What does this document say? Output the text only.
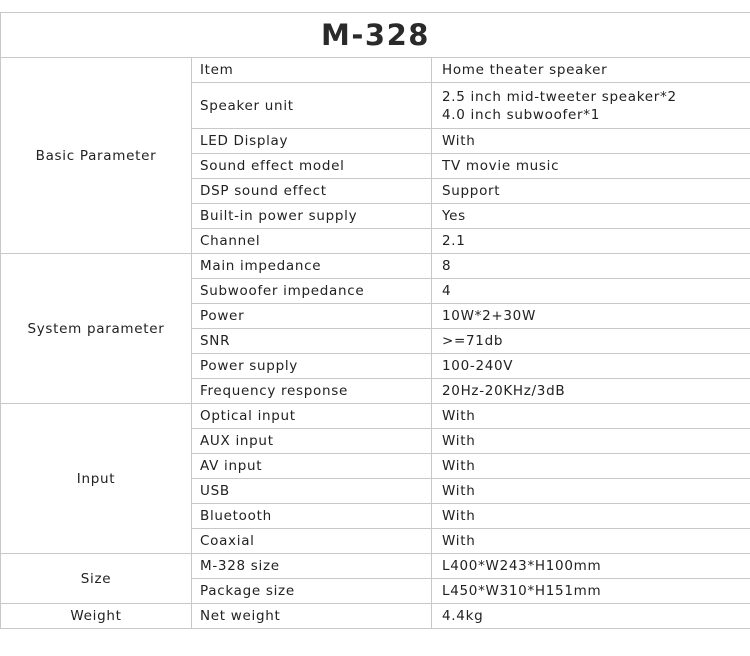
M-328		
Basic Parameter	Item	Home theater speaker

	Speaker unit	2.5 inch mid-tweeter speaker*2
4.0 inch subwoofer*1

	LED Display	With

	Sound effect model	TV movie music

	DSP sound effect	Support

	Built-in power supply	Yes

	Channel	2.1

System parameter	Main impedance	8

	Subwoofer impedance	4

	Power	10W*2+30W

	SNR	>=71db

	Power supply	100-240V

	Frequency response	20Hz-20KHz/3dB

Input	Optical input	With

	AUX input	With

	AV input	With

	USB	With

	Bluetooth	With

	Coaxial	With

Size	M-328 size	L400*W243*H100mm

	Package size	L450*W310*H151mm

Weight	Net weight	4.4kg
